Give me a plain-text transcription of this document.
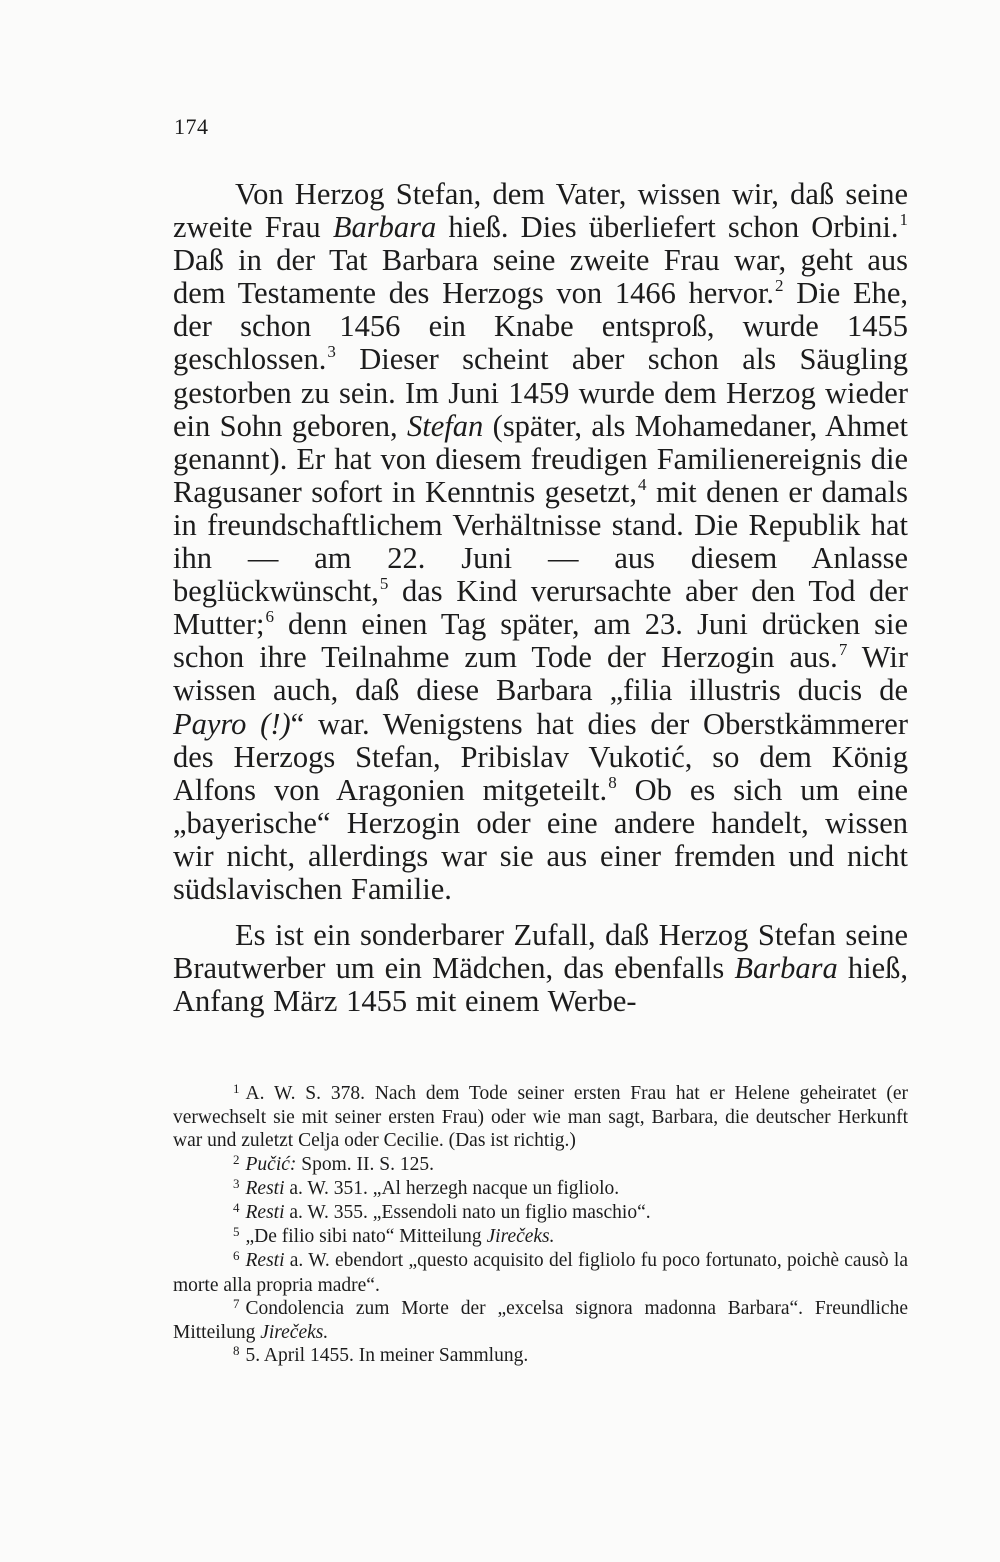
174

Von Herzog Stefan, dem Vater, wissen wir, daß seine zweite Frau Barbara hieß. Dies überliefert schon Orbini.$^1$ Daß in der Tat Barbara seine zweite Frau war, geht aus dem Testamente des Herzogs von 1466 hervor.$^2$ Die Ehe, der schon 1456 ein Knabe entsproß, wurde 1455 geschlossen.$^3$ Dieser scheint aber schon als Säugling gestorben zu sein. Im Juni 1459 wurde dem Herzog wieder ein Sohn geboren, Stefan (später, als Mohamedaner, Ahmet genannt). Er hat von diesem freudigen Familienereignis die Ragusaner sofort in Kenntnis gesetzt,$^4$ mit denen er damals in freundschaftlichem Verhältnisse stand. Die Republik hat ihn — am 22. Juni — aus diesem Anlasse beglückwünscht,$^5$ das Kind verursachte aber den Tod der Mutter;$^6$ denn einen Tag später, am 23. Juni drücken sie schon ihre Teilnahme zum Tode der Herzogin aus.$^7$ Wir wissen auch, daß diese Barbara „filia illustris ducis de Payro (!)“ war. Wenigstens hat dies der Oberstkämmerer des Herzogs Stefan, Pribislav Vukotić, so dem König Alfons von Aragonien mitgeteilt.$^8$ Ob es sich um eine „bayerische“ Herzogin oder eine andere handelt, wissen wir nicht, allerdings war sie aus einer fremden und nicht südslavischen Familie.

Es ist ein sonderbarer Zufall, daß Herzog Stefan seine Brautwerber um ein Mädchen, das ebenfalls Barbara hieß, Anfang März 1455 mit einem Werbe-

$^1$ A. W. S. 378. Nach dem Tode seiner ersten Frau hat er Helene geheiratet (er verwechselt sie mit seiner ersten Frau) oder wie man sagt, Barbara, die deutscher Herkunft war und zuletzt Celja oder Cecilie. (Das ist richtig.)

$^2$ Pučić: Spom. II. S. 125.

$^3$ Resti a. W. 351. „Al herzegh nacque un figliolo.

$^4$ Resti a. W. 355. „Essendoli nato un figlio maschio“.

$^5$ „De filio sibi nato“ Mitteilung Jirečeks.

$^6$ Resti a. W. ebendort „questo acquisito del figliolo fu poco fortunato, poichè causò la morte alla propria madre“.

$^7$ Condolencia zum Morte der „excelsa signora madonna Barbara“. Freundliche Mitteilung Jirečeks.

$^8$ 5. April 1455. In meiner Sammlung.
